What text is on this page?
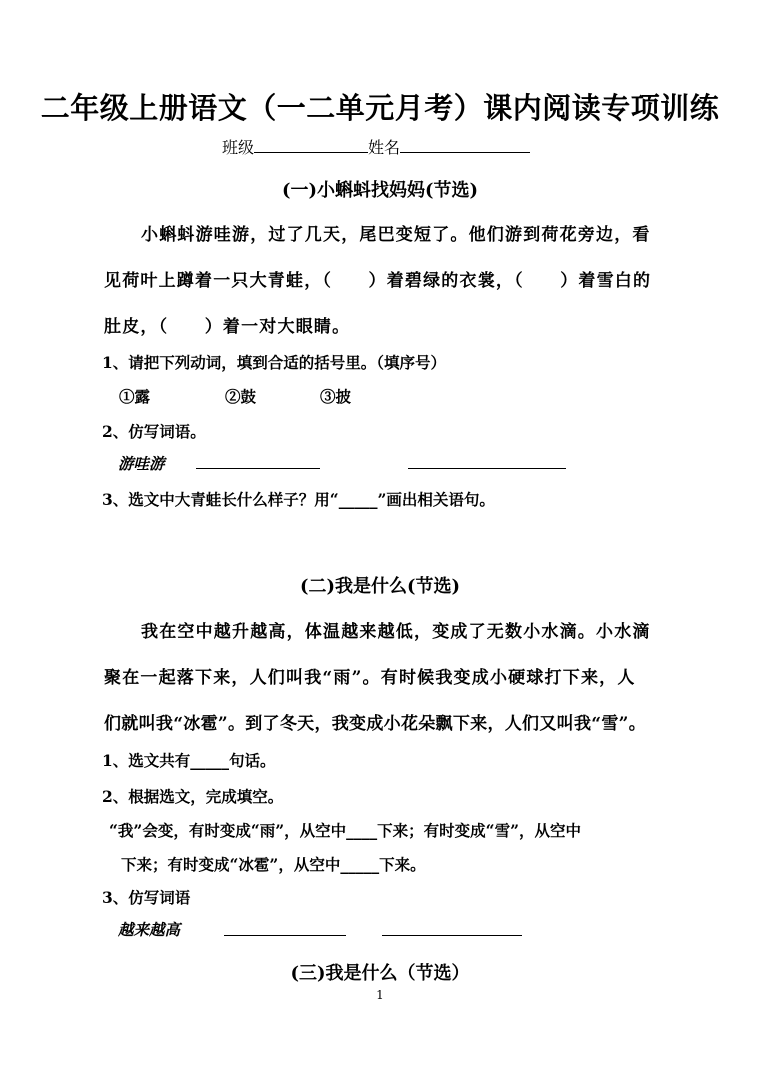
二年级上册语文（一二单元月考）课内阅读专项训练
班级	姓名
(一)小蝌蚪找妈妈(节选)
小蝌蚪游哇游，过了几天，尾巴变短了。他们游到荷花旁边，看
见荷叶上蹲着一只大青蛙，（　　）着碧绿的衣裳，（　　）着雪白的
肚皮，（　　）着一对大眼睛。
1、请把下列动词，填到合适的括号里。（填序号）
①露	②鼓	③披
2、仿写词语。
游哇游
3、选文中大青蛙长什么样子？用“_____”画出相关语句。
(二)我是什么(节选)
我在空中越升越高，体温越来越低，变成了无数小水滴。小水滴
聚在一起落下来，人们叫我“雨”。有时候我变成小硬球打下来，人
们就叫我“冰雹”。到了冬天，我变成小花朵飘下来，人们又叫我“雪”。
1、选文共有_____句话。
2、根据选文，完成填空。
“我”会变，有时变成“雨”，从空中____下来；有时变成“雪”，从空中
下来；有时变成“冰雹”，从空中_____下来。
3、仿写词语
越来越高
(三)我是什么（节选）
1
